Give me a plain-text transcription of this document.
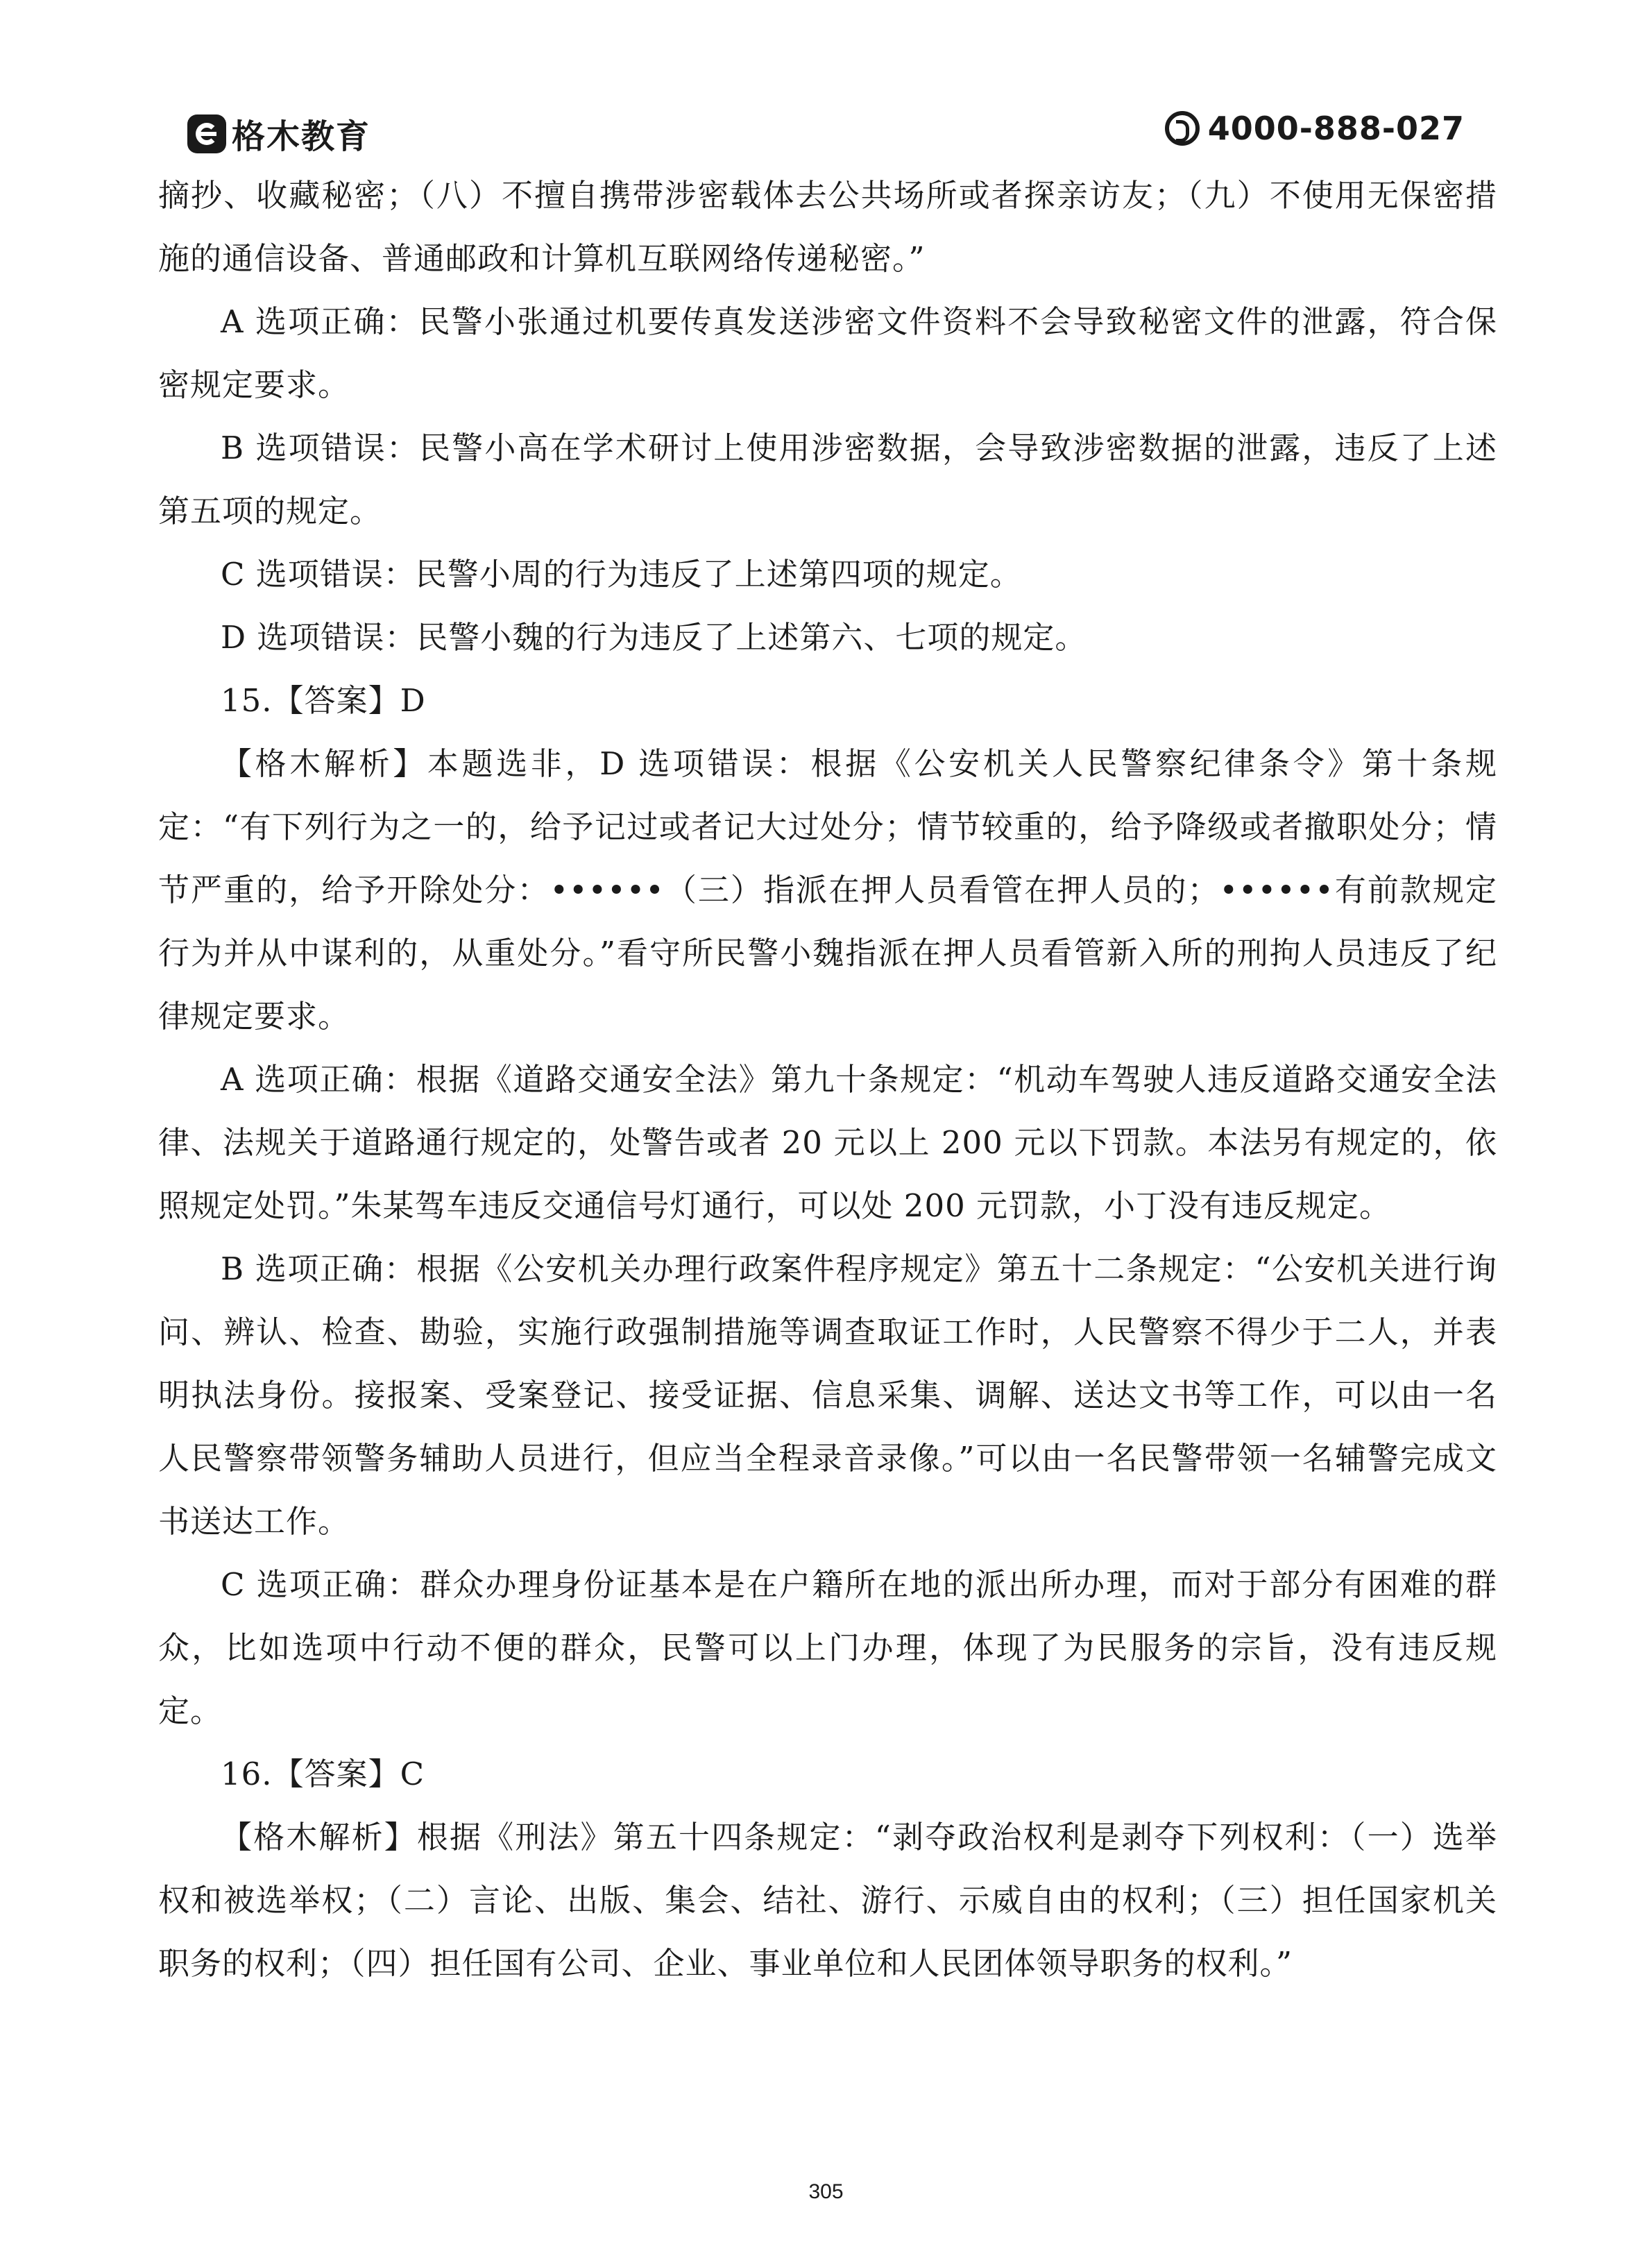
格木教育	4000-888-027

摘抄、收藏秘密；（八）不擅自携带涉密载体去公共场所或者探亲访友；（九）不使用无保密措施的通信设备、普通邮政和计算机互联网络传递秘密。”

A 选项正确：民警小张通过机要传真发送涉密文件资料不会导致秘密文件的泄露，符合保密规定要求。

B 选项错误：民警小高在学术研讨上使用涉密数据，会导致涉密数据的泄露，违反了上述第五项的规定。

C 选项错误：民警小周的行为违反了上述第四项的规定。

D 选项错误：民警小魏的行为违反了上述第六、七项的规定。

15.【答案】D

【格木解析】本题选非，D 选项错误：根据《公安机关人民警察纪律条令》第十条规定：“有下列行为之一的，给予记过或者记大过处分；情节较重的，给予降级或者撤职处分；情节严重的，给予开除处分：••••••（三）指派在押人员看管在押人员的；••••••有前款规定行为并从中谋利的，从重处分。”看守所民警小魏指派在押人员看管新入所的刑拘人员违反了纪律规定要求。

A 选项正确：根据《道路交通安全法》第九十条规定：“机动车驾驶人违反道路交通安全法律、法规关于道路通行规定的，处警告或者 20 元以上 200 元以下罚款。本法另有规定的，依照规定处罚。”朱某驾车违反交通信号灯通行，可以处 200 元罚款，小丁没有违反规定。

B 选项正确：根据《公安机关办理行政案件程序规定》第五十二条规定：“公安机关进行询问、辨认、检查、勘验，实施行政强制措施等调查取证工作时，人民警察不得少于二人，并表明执法身份。接报案、受案登记、接受证据、信息采集、调解、送达文书等工作，可以由一名人民警察带领警务辅助人员进行，但应当全程录音录像。”可以由一名民警带领一名辅警完成文书送达工作。

C 选项正确：群众办理身份证基本是在户籍所在地的派出所办理，而对于部分有困难的群众，比如选项中行动不便的群众，民警可以上门办理，体现了为民服务的宗旨，没有违反规定。

16.【答案】C

【格木解析】根据《刑法》第五十四条规定：“剥夺政治权利是剥夺下列权利：（一）选举权和被选举权；（二）言论、出版、集会、结社、游行、示威自由的权利；（三）担任国家机关职务的权利；（四）担任国有公司、企业、事业单位和人民团体领导职务的权利。”

305
